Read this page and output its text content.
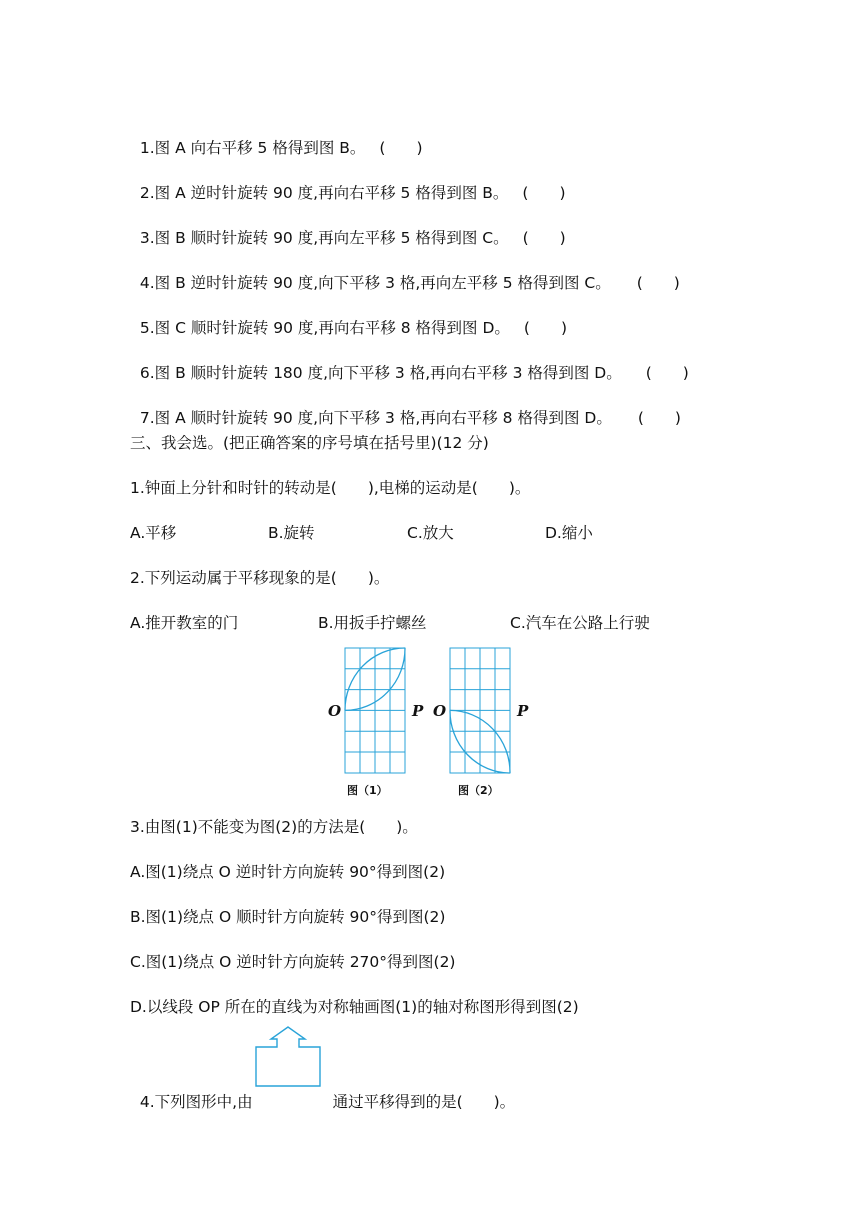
1.图 A 向右平移 5 格得到图 B。 (　　)

2.图 A 逆时针旋转 90 度,再向右平移 5 格得到图 B。 (　　)

3.图 B 顺时针旋转 90 度,再向左平移 5 格得到图 C。 (　　)

4.图 B 逆时针旋转 90 度,向下平移 3 格,再向左平移 5 格得到图 C。 (　　)

5.图 C 顺时针旋转 90 度,再向右平移 8 格得到图 D。 (　　)

6.图 B 顺时针旋转 180 度,向下平移 3 格,再向右平移 3 格得到图 D。 (　　)

7.图 A 顺时针旋转 90 度,向下平移 3 格,再向右平移 8 格得到图 D。 (　　)

三、我会选。(把正确答案的序号填在括号里)(12 分)
1.钟面上分针和时针的转动是(　　),电梯的运动是(　　)。
A.平移	B.旋转	C.放大	D.缩小
2.下列运动属于平移现象的是(　　)。
A.推开教室的门	B.用扳手拧螺丝	C.汽车在公路上行驶
O	P O	P
图（1）	图（2）
3.由图(1)不能变为图(2)的方法是(　　)。
A.图(1)绕点 O 逆时针方向旋转 90°得到图(2)
B.图(1)绕点 O 顺时针方向旋转 90°得到图(2)
C.图(1)绕点 O 逆时针方向旋转 270°得到图(2)
D.以线段 OP 所在的直线为对称轴画图(1)的轴对称图形得到图(2)

4.下列图形中,由	通过平移得到的是(　　)。
